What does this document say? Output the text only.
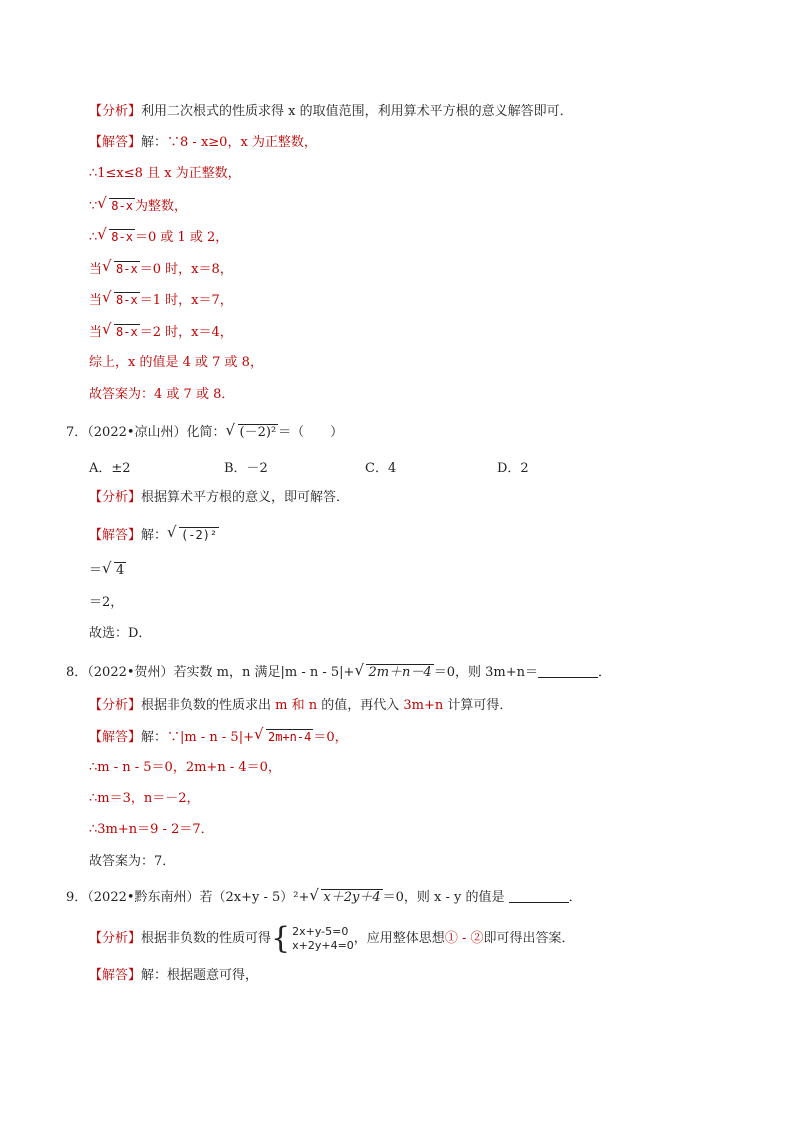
【分析】利用二次根式的性质求得 x 的取值范围，利用算术平方根的意义解答即可．
【解答】解：∵8 - x≥0，x 为正整数，
∴1≤x≤8 且 x 为正整数，
∵ √ 8-x 为整数，
∴ √ 8-x ＝0 或 1 或 2，
当 √ 8-x ＝0 时，x＝8，
当 √ 8-x ＝1 时，x＝7，
当 √ 8-x ＝2 时，x＝4，
综上，x 的值是 4 或 7 或 8，
故答案为：4 或 7 或 8．
7．（2022•凉山州）化简： √ (－2)² ＝（　　）
A．±2	B．－2	C．4	D．2
【分析】根据算术平方根的意义，即可解答．
【解答】解： √ (-2)²
＝ √ 4
＝2，
故选：D．
8．（2022•贺州）若实数 m，n 满足|m - n - 5|+ √ 2m＋n－4 ＝0，则 3m+n＝	．
【分析】根据非负数的性质求出 m 和 n 的值，再代入 3m+n 计算可得．
【解答】解：∵|m - n - 5|+ √ 2m+n-4 ＝0，
∴m - n - 5＝0，2m+n - 4＝0，
∴m＝3，n＝－2，
∴3m+n＝9 - 2＝7．
故答案为：7．
9．（2022•黔东南州）若（2x+y - 5）²+ √ x＋2y＋4 ＝0，则 x - y 的值是	．
【分析】根据非负数的性质可得{ 2x+y-5=0
x+2y+4=0，应用整体思想① - ②即可得出答案．
【解答】解：根据题意可得，
